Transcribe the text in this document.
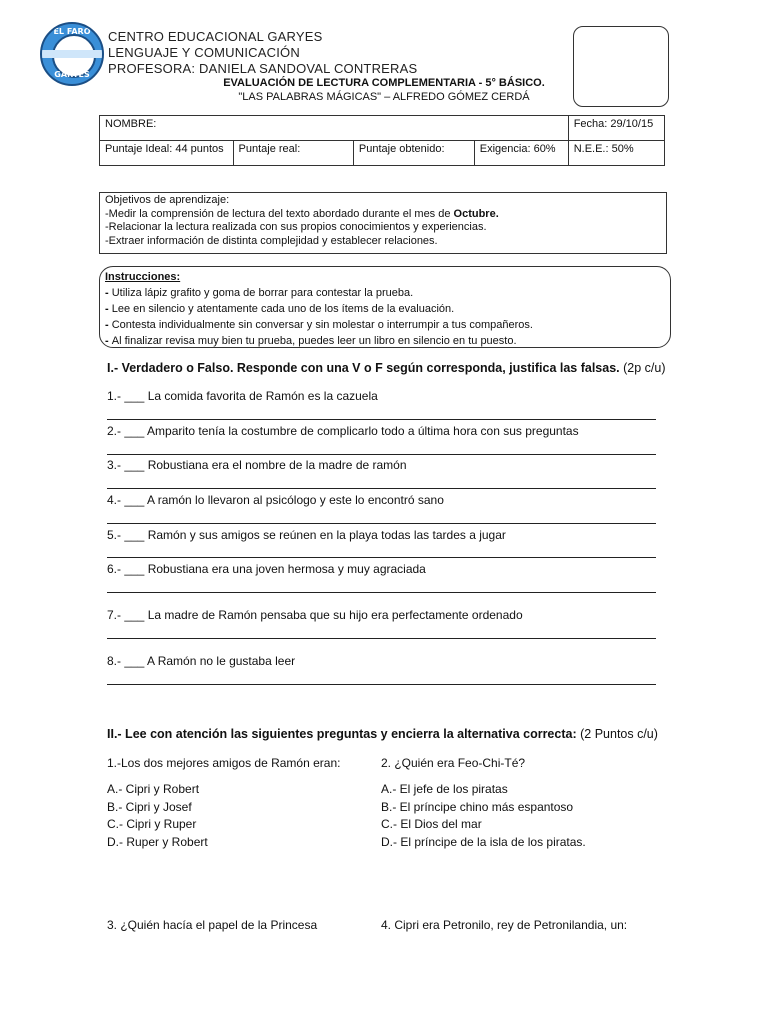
EL FARO
GARYES
CENTRO EDUCACIONAL GARYES
LENGUAJE Y COMUNICACIÓN
PROFESORA: DANIELA SANDOVAL CONTRERAS
EVALUACIÓN DE LECTURA COMPLEMENTARIA - 5° BÁSICO.
"LAS PALABRAS MÁGICAS" – ALFREDO GÓMEZ CERDÁ
NOMBRE:				Fecha: 29/10/15
Puntaje Ideal: 44 puntos	Puntaje real:	Puntaje obtenido:	Exigencia: 60%	N.E.E.: 50%
Objetivos de aprendizaje:
-Medir la comprensión de lectura del texto abordado durante el mes de Octubre.
-Relacionar la lectura realizada con sus propios conocimientos y experiencias.
-Extraer información de distinta complejidad y establecer relaciones.
Instrucciones:
- Utiliza lápiz grafito y goma de borrar para contestar la prueba.
- Lee en silencio y atentamente cada uno de los ítems de la evaluación.
- Contesta individualmente sin conversar y sin molestar o interrumpir a tus compañeros.
- Al finalizar revisa muy bien tu prueba, puedes leer un libro en silencio en tu puesto.
I.- Verdadero o Falso. Responde con una V o F según corresponda, justifica las falsas. (2p c/u)
1.- ___ La comida favorita de Ramón es la cazuela
2.- ___ Amparito tenía la costumbre de complicarlo todo a última hora con sus preguntas
3.- ___ Robustiana era el nombre de la madre de ramón
4.- ___ A ramón lo llevaron al psicólogo y este lo encontró sano
5.- ___ Ramón y sus amigos se reúnen en la playa todas las tardes a jugar
6.- ___ Robustiana era una joven hermosa y muy agraciada
7.- ___ La madre de Ramón pensaba que su hijo era perfectamente ordenado
8.- ___ A Ramón no le gustaba leer
II.- Lee con atención las siguientes preguntas y encierra la alternativa correcta: (2 Puntos c/u)
1.-Los dos mejores amigos de Ramón eran:	2. ¿Quién era Feo-Chi-Té?
A.- Cipri y Robert
B.- Cipri y Josef
C.- Cipri y Ruper
D.- Ruper y Robert
A.- El jefe de los piratas
B.- El príncipe chino más espantoso
C.- El Dios del mar
D.- El príncipe de la isla de los piratas.
3. ¿Quién hacía el papel de la Princesa	4. Cipri era Petronilo, rey de Petronilandia, un:
